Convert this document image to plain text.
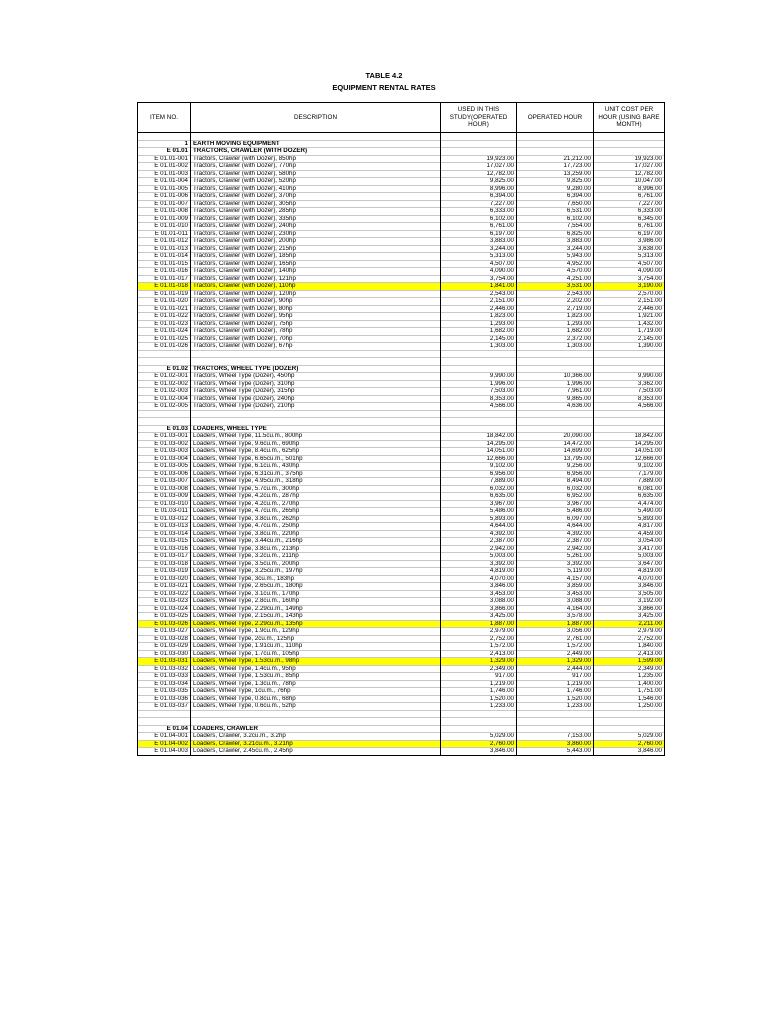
TABLE 4.2
EQUIPMENT RENTAL RATES
ITEM NO.	DESCRIPTION	USED IN THIS STUDY(OPERATED HOUR)	OPERATED HOUR	UNIT COST PER HOUR (USING BARE MONTH)

1	EARTH MOVING EQUIPMENT			
E 01.01	TRACTORS, CRAWLER (WITH DOZER)			
E 01.01-001	Tractors, Crawler (with Dozer), 850hp	19,923.00	21,212.00	19,923.00
E 01.01-002	Tractors, Crawler (with Dozer), 770hp	17,027.00	17,723.00	17,027.00
E 01.01-003	Tractors, Crawler (with Dozer), 580hp	12,782.00	13,259.00	12,782.00
E 01.01-004	Tractors, Crawler (with Dozer), 520hp	9,825.00	9,825.00	10,047.00
E 01.01-005	Tractors, Crawler (with Dozer), 410hp	8,996.00	9,280.00	8,996.00
E 01.01-006	Tractors, Crawler (with Dozer), 370hp	6,394.00	6,394.00	6,761.00
E 01.01-007	Tractors, Crawler (with Dozer), 305hp	7,227.00	7,650.00	7,227.00
E 01.01-008	Tractors, Crawler (with Dozer), 285hp	6,333.00	6,531.00	6,333.00
E 01.01-009	Tractors, Crawler (with Dozer), 335hp	6,102.00	6,102.00	6,345.00
E 01.01-010	Tractors, Crawler (with Dozer), 240hp	6,761.00	7,554.00	6,761.00
E 01.01-011	Tractors, Crawler (with Dozer), 230hp	6,197.00	6,825.00	6,197.00
E 01.01-012	Tractors, Crawler (with Dozer), 200hp	3,883.00	3,883.00	3,986.00
E 01.01-013	Tractors, Crawler (with Dozer), 215hp	3,244.00	3,244.00	3,638.00
E 01.01-014	Tractors, Crawler (with Dozer), 185hp	5,313.00	5,943.00	5,313.00
E 01.01-015	Tractors, Crawler (with Dozer), 165hp	4,507.00	4,952.00	4,507.00
E 01.01-016	Tractors, Crawler (with Dozer), 140hp	4,090.00	4,570.00	4,090.00
E 01.01-017	Tractors, Crawler (with Dozer), 121hp	3,754.00	4,251.00	3,754.00
E 01.01-018	Tractors, Crawler (with Dozer), 110hp	1,841.00	3,531.00	3,190.00
E 01.01-019	Tractors, Crawler (with Dozer), 120hp	2,543.00	2,543.00	2,570.00
E 01.01-020	Tractors, Crawler (with Dozer), 90hp	2,151.00	2,202.00	2,151.00
E 01.01-021	Tractors, Crawler (with Dozer), 80hp	2,446.00	2,719.00	2,446.00
E 01.01-022	Tractors, Crawler (with Dozer), 95hp	1,823.00	1,823.00	1,921.00
E 01.01-023	Tractors, Crawler (with Dozer), 75hp	1,293.00	1,293.00	1,432.00
E 01.01-024	Tractors, Crawler (with Dozer), 78hp	1,682.00	1,682.00	1,719.00
E 01.01-025	Tractors, Crawler (with Dozer), 70hp	2,145.00	2,372.00	2,145.00
E 01.01-026	Tractors, Crawler (with Dozer), 67hp	1,303.00	1,303.00	1,390.00

E 01.02	TRACTORS, WHEEL TYPE (DOZER)			
E 01.02-001	Tractors, Wheel Type (Dozer), 450hp	9,990.00	10,366.00	9,990.00
E 01.02-002	Tractors, Wheel Type (Dozer), 310hp	1,996.00	1,996.00	3,362.00
E 01.02-003	Tractors, Wheel Type (Dozer), 315hp	7,503.00	7,961.00	7,503.00
E 01.02-004	Tractors, Wheel Type (Dozer), 240hp	8,353.00	9,865.00	8,353.00
E 01.02-005	Tractors, Wheel Type (Dozer), 210hp	4,566.00	4,636.00	4,566.00

E 01.03	LOADERS, WHEEL TYPE			
E 01.03-001	Loaders, Wheel Type, 11.5cu.m., 800hp	18,842.00	20,090.00	18,842.00
E 01.03-002	Loaders, Wheel Type, 9.6cu.m., 690hp	14,295.00	14,472.00	14,295.00
E 01.03-003	Loaders, Wheel Type, 8.4cu.m., 625hp	14,051.00	14,699.00	14,051.00
E 01.03-004	Loaders, Wheel Type, 6.65cu.m., 501hp	12,666.00	13,795.00	12,666.00
E 01.03-005	Loaders, Wheel Type, 6.1cu.m., 430hp	9,102.00	9,256.00	9,102.00
E 01.03-006	Loaders, Wheel Type, 6.31cu.m., 375hp	6,956.00	6,956.00	7,179.00
E 01.03-007	Loaders, Wheel Type, 4.95cu.m., 318hp	7,889.00	8,494.00	7,889.00
E 01.03-008	Loaders, Wheel Type, 5.7cu.m., 300hp	6,032.00	6,032.00	6,081.00
E 01.03-009	Loaders, Wheel Type, 4.2cu.m., 287hp	6,635.00	6,952.00	6,635.00
E 01.03-010	Loaders, Wheel Type, 4.2cu.m., 270hp	3,967.00	3,967.00	4,474.00
E 01.03-011	Loaders, Wheel Type, 4.7cu.m., 265hp	5,486.00	5,486.00	5,490.00
E 01.03-012	Loaders, Wheel Type, 3.8cu.m., 262hp	5,893.00	6,097.00	5,893.00
E 01.03-013	Loaders, Wheel Type, 4.7cu.m., 250hp	4,644.00	4,644.00	4,817.00
E 01.03-014	Loaders, Wheel Type, 3.8cu.m., 220hp	4,392.00	4,392.00	4,459.00
E 01.03-015	Loaders, Wheel Type, 3.44cu.m., 216hp	2,387.00	2,387.00	3,054.00
E 01.03-016	Loaders, Wheel Type, 3.8cu.m., 213hp	2,942.00	2,942.00	3,417.00
E 01.03-017	Loaders, Wheel Type, 3.2cu.m., 211hp	5,003.00	5,261.00	5,003.00
E 01.03-018	Loaders, Wheel Type, 3.5cu.m., 200hp	3,392.00	3,392.00	3,647.00
E 01.03-019	Loaders, Wheel Type, 3.25cu.m., 197hp	4,819.00	5,119.00	4,819.00
E 01.03-020	Loaders, Wheel Type, 3cu.m., 183hp	4,070.00	4,157.00	4,070.00
E 01.03-021	Loaders, Wheel Type, 2.65cu.m., 180hp	3,846.00	3,859.00	3,846.00
E 01.03-022	Loaders, Wheel Type, 3.1cu.m., 170hp	3,453.00	3,453.00	3,505.00
E 01.03-023	Loaders, Wheel Type, 2.8cu.m., 160hp	3,088.00	3,088.00	3,192.00
E 01.03-024	Loaders, Wheel Type, 2.29cu.m., 149hp	3,866.00	4,164.00	3,866.00
E 01.03-025	Loaders, Wheel Type, 2.15cu.m., 143hp	3,425.00	3,578.00	3,425.00
E 01.03-026	Loaders, Wheel Type, 2.29cu.m., 135hp	1,887.00	1,887.00	2,211.00
E 01.03-027	Loaders, Wheel Type, 1.9cu.m., 129hp	2,979.00	3,056.00	2,979.00
E 01.03-028	Loaders, Wheel Type, 2cu.m., 125hp	2,752.00	2,761.00	2,752.00
E 01.03-029	Loaders, Wheel Type, 1.91cu.m., 110hp	1,572.00	1,572.00	1,840.00
E 01.03-030	Loaders, Wheel Type, 1.7cu.m., 105hp	2,413.00	2,449.00	2,413.00
E 01.03-031	Loaders, Wheel Type, 1.53cu.m., 98hp	1,329.00	1,329.00	1,599.00
E 01.03-032	Loaders, Wheel Type, 1.4cu.m., 95hp	2,349.00	2,444.00	2,349.00
E 01.03-033	Loaders, Wheel Type, 1.53cu.m., 85hp	917.00	917.00	1,235.00
E 01.03-034	Loaders, Wheel Type, 1.3cu.m., 78hp	1,219.00	1,219.00	1,400.00
E 01.03-035	Loaders, Wheel Type, 1cu.m., 76hp	1,746.00	1,746.00	1,751.00
E 01.03-036	Loaders, Wheel Type, 0.8cu.m., 68hp	1,520.00	1,520.00	1,546.00
E 01.03-037	Loaders, Wheel Type, 0.6cu.m., 52hp	1,233.00	1,233.00	1,250.00

E 01.04	LOADERS, CRAWLER			
E 01.04-001	Loaders, Crawler, 3.2cu.m., 3.2hp	5,029.00	7,153.00	5,029.00
E 01.04-002	Loaders, Crawler, 3.21cu.m., 3.21hp	2,760.00	3,860.00	2,760.00
E 01.04-003	Loaders, Crawler, 2.45cu.m., 2.45hp	3,846.00	5,443.00	3,846.00
